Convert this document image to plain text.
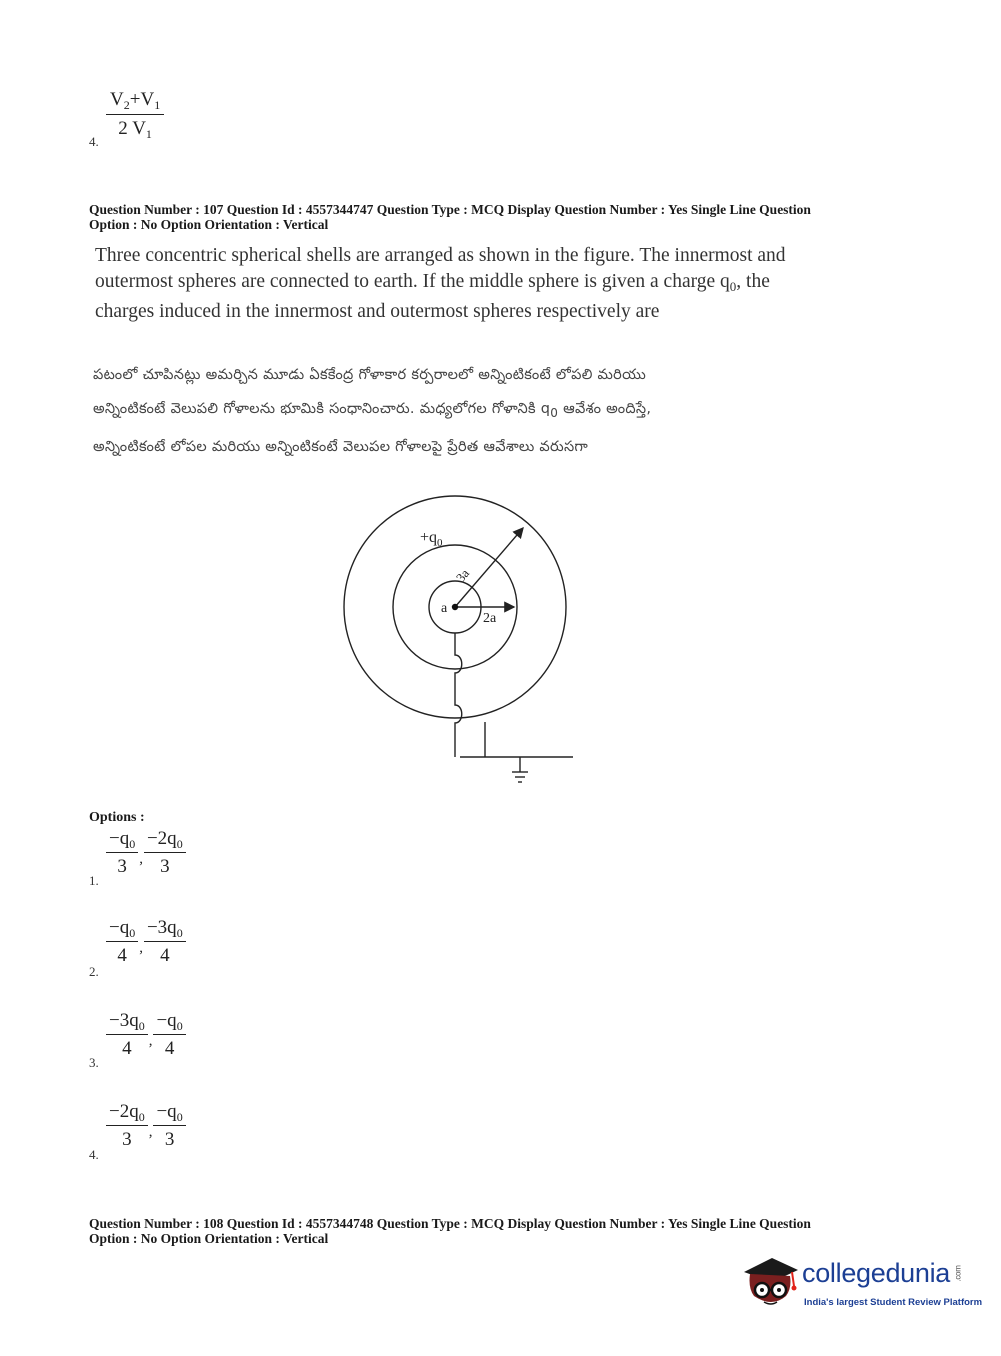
4.
$\frac{V_2+V_1}{2 V_1}$
Question Number : 107 Question Id : 4557344747 Question Type : MCQ Display Question Number : Yes Single Line Question
Option : No Option Orientation : Vertical
Three concentric spherical shells are arranged as shown in the figure. The innermost and
outermost spheres are connected to earth. If the middle sphere is given a charge $q_0$, the
charges induced in the innermost and outermost spheres respectively are
పటంలో చూపినట్లు అమర్చిన మూడు ఏకకేంద్ర గోళాకార కర్పరాలలో అన్నింటికంటే లోపలి మరియు
అన్నింటికంటే వెలుపలి గోళాలను భూమికి సంధానించారు. మధ్యలోగల గోళానికి $q_0$ ఆవేశం అందిస్తే,
అన్నింటికంటే లోపల మరియు అన్నింటికంటే వెలుపల గోళాలపై ప్రేరిత ఆవేశాలు వరుసగా
$+q_0$
a
2a
3a
Options :
1.
$\frac{-q_0}{3} _, \frac{-2q_0}{3}$
2.
$\frac{-q_0}{4} _, \frac{-3q_0}{4}$
3.
$\frac{-3q_0}{4} _, \frac{-q_0}{4}$
4.
$\frac{-2q_0}{3} _, \frac{-q_0}{3}$
Question Number : 108 Question Id : 4557344748 Question Type : MCQ Display Question Number : Yes Single Line Question
Option : No Option Orientation : Vertical
collegedunia .com
India's largest Student Review Platform
